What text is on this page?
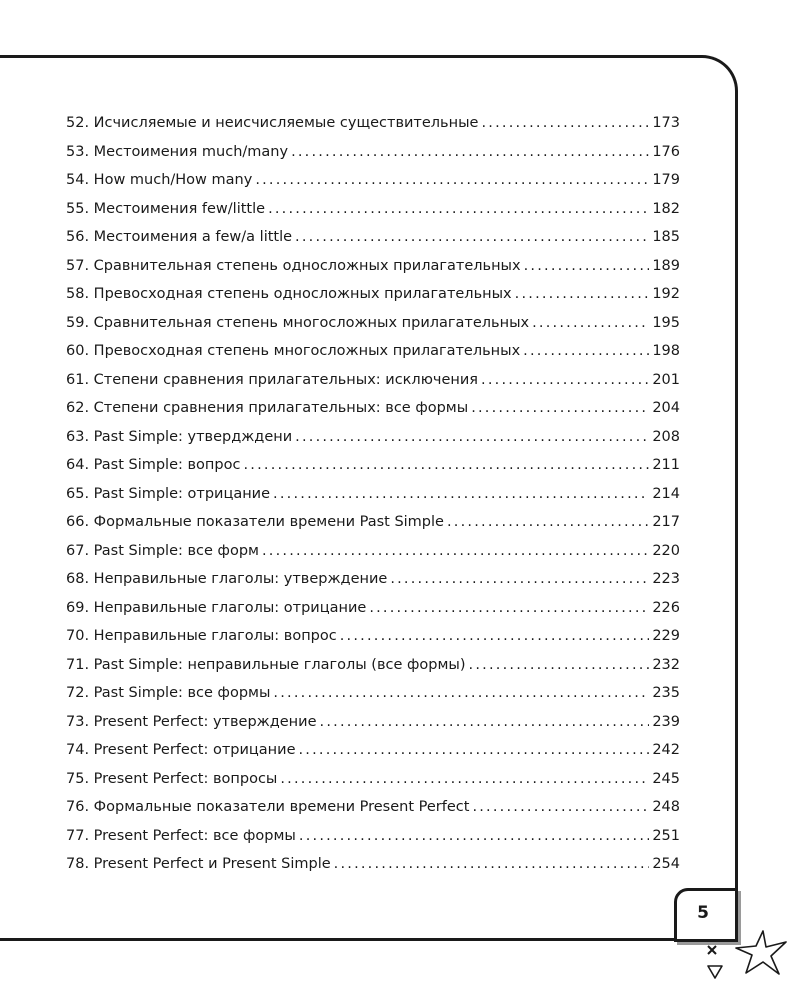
52. Исчисляемые и неисчисляемые существительные .....	173
53. Местоимения much/many .....	176
54. How much/How many .....	179
55. Местоимения few/little .....	182
56. Местоимения a few/a little .....	185
57. Сравнительная степень односложных прилагательных .....	189
58. Превосходная степень односложных прилагательных .....	192
59. Сравнительная степень многосложных прилагательных .....	195
60. Превосходная степень многосложных прилагательных .....	198
61. Степени сравнения прилагательных: исключения .....	201
62. Степени сравнения прилагательных: все формы .....	204
63. Past Simple: утвердждени .....	208
64. Past Simple: вопрос .....	211
65. Past Simple: отрицание .....	214
66. Формальные показатели времени Past Simple .....	217
67. Past Simple: все форм .....	220
68. Неправильные глаголы: утверждение .....	223
69. Неправильные глаголы: отрицание .....	226
70. Неправильные глаголы: вопрос .....	229
71. Past Simple: неправильные глаголы (все формы) .....	232
72. Past Simple: все формы .....	235
73. Present Perfect: утверждение .....	239
74. Present Perfect: отрицание .....	242
75. Present Perfect: вопросы .....	245
76. Формальные показатели времени Present Perfect .....	248
77. Present Perfect: все формы .....	251
78. Present Perfect и Present Simple .....	254
5
